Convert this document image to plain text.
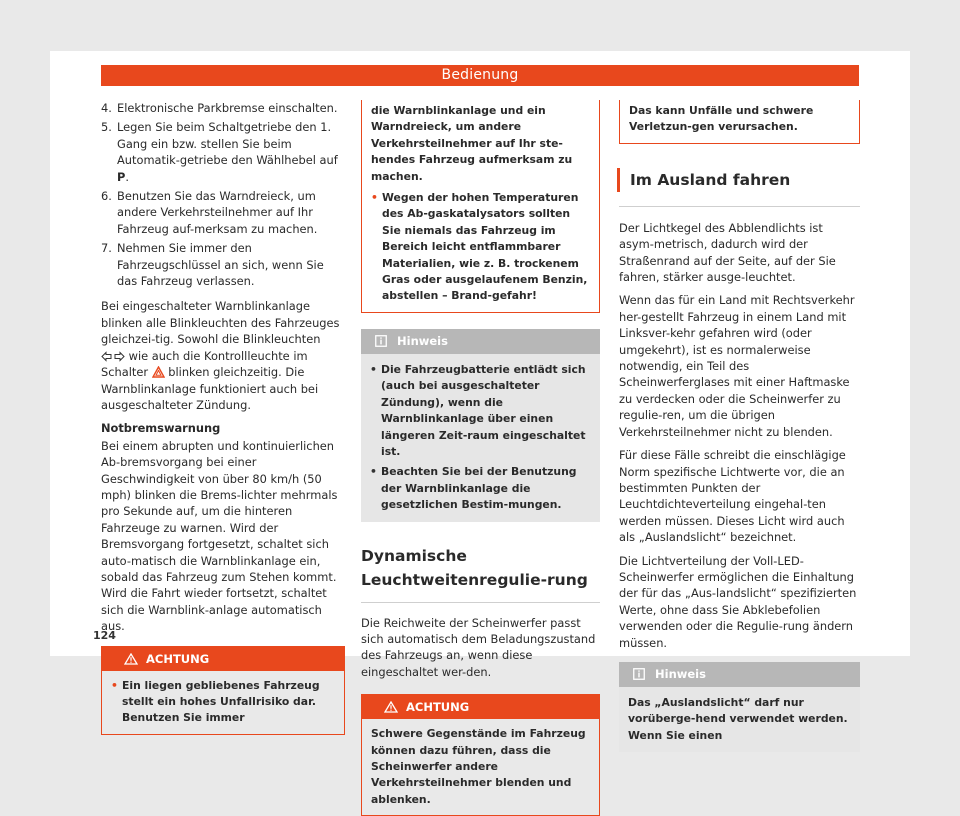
Bedienung
4. Elektronische Parkbremse einschalten.
5. Legen Sie beim Schaltgetriebe den 1. Gang ein bzw. stellen Sie beim Automatik-getriebe den Wählhebel auf P.
6. Benutzen Sie das Warndreieck, um andere Verkehrsteilnehmer auf Ihr Fahrzeug auf-merksam zu machen.
7. Nehmen Sie immer den Fahrzeugschlüssel an sich, wenn Sie das Fahrzeug verlassen.

Bei eingeschalteter Warnblinkanlage blinken alle Blinkleuchten des Fahrzeuges gleichzei-tig. Sowohl die Blinkleuchten  wie auch die Kontrollleuchte im Schalter blinken gleichzeitig. Die Warnblinkanlage funktioniert auch bei ausgeschalteter Zündung.

Notbremswarnung

Bei einem abrupten und kontinuierlichen Ab-bremsvorgang bei einer Geschwindigkeit von über 80 km/h (50 mph) blinken die Brems-lichter mehrmals pro Sekunde auf, um die hinteren Fahrzeuge zu warnen. Wird der Bremsvorgang fortgesetzt, schaltet sich auto-matisch die Warnblinkanlage ein, sobald das Fahrzeug zum Stehen kommt. Wird die Fahrt wieder fortsetzt, schaltet sich die Warnblink-anlage automatisch aus.

ACHTUNG
• Ein liegen gebliebenes Fahrzeug stellt ein hohes Unfallrisiko dar. Benutzen Sie immer
die Warnblinkanlage und ein Warndreieck, um andere Verkehrsteilnehmer auf Ihr ste-hendes Fahrzeug aufmerksam zu machen.
• Wegen der hohen Temperaturen des Ab-gaskatalysators sollten Sie niemals das Fahrzeug im Bereich leicht entflammbarer Materialien, wie z. B. trockenem Gras oder ausgelaufenem Benzin, abstellen – Brand-gefahr!
Hinweis
• Die Fahrzeugbatterie entlädt sich (auch bei ausgeschalteter Zündung), wenn die Warnblinkanlage über einen längeren Zeit-raum eingeschaltet ist.
• Beachten Sie bei der Benutzung der Warnblinkanlage die gesetzlichen Bestim-mungen.
Dynamische Leuchtweitenregulie-rung

Die Reichweite der Scheinwerfer passt sich automatisch dem Beladungszustand des Fahrzeugs an, wenn diese eingeschaltet wer-den.

ACHTUNG
Schwere Gegenstände im Fahrzeug können dazu führen, dass die Scheinwerfer andere Verkehrsteilnehmer blenden und ablenken.
Das kann Unfälle und schwere Verletzun-gen verursachen.
Im Ausland fahren

Der Lichtkegel des Abblendlichts ist asym-metrisch, dadurch wird der Straßenrand auf der Seite, auf der Sie fahren, stärker ausge-leuchtet.

Wenn das für ein Land mit Rechtsverkehr her-gestellt Fahrzeug in einem Land mit Linksver-kehr gefahren wird (oder umgekehrt), ist es normalerweise notwendig, ein Teil des Scheinwerferglases mit einer Haftmaske zu verdecken oder die Scheinwerfer zu regulie-ren, um die übrigen Verkehrsteilnehmer nicht zu blenden.

Für diese Fälle schreibt die einschlägige Norm spezifische Lichtwerte vor, die an bestimmten Punkten der Leuchtdichteverteilung eingehal-ten werden müssen. Dieses Licht wird auch als „Auslandslicht“ bezeichnet.

Die Lichtverteilung der Voll-LED-Scheinwerfer ermöglichen die Einhaltung der für das „Aus-landslicht“ spezifizierten Werte, ohne dass Sie Abklebefolien verwenden oder die Regulie-rung ändern müssen.

Hinweis
Das „Auslandslicht“ darf nur vorüberge-hend verwendet werden. Wenn Sie einen
124
